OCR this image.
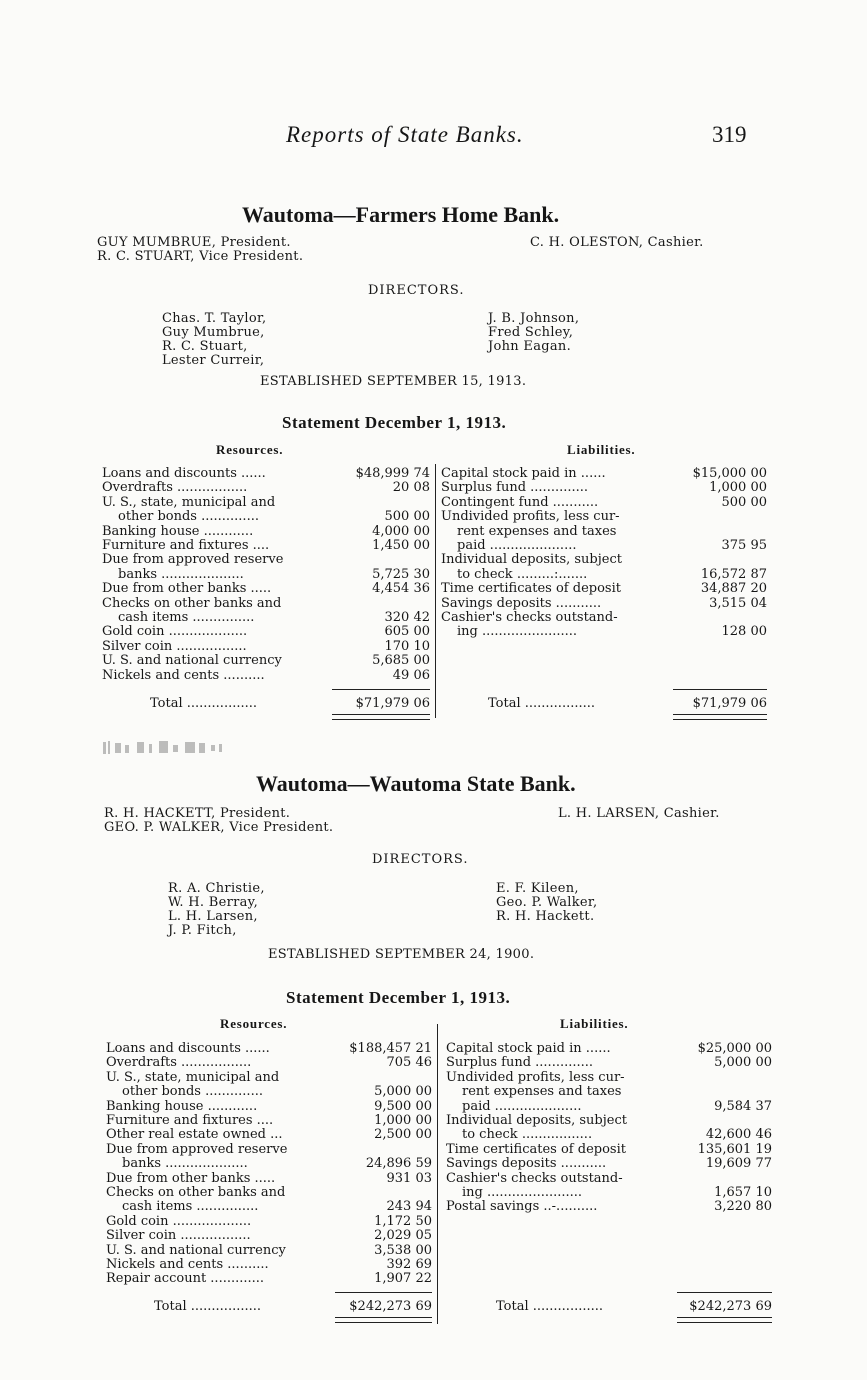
Reports of State Banks.	319
Wautoma—Farmers Home Bank.
GUY MUMBRUE, President.
R. C. STUART, Vice President.
C. H. OLESTON, Cashier.
DIRECTORS.
Chas. T. Taylor,
Guy Mumbrue,
R. C. Stuart,
Lester Curreir,
J. B. Johnson,
Fred Schley,
John Eagan.
ESTABLISHED SEPTEMBER 15, 1913.
Statement December 1, 1913.
Resources.	Liabilities.
Loans and discounts ......	$48,999 74
Overdrafts .................	20 08
U. S., state, municipal and
other bonds ..............	500 00
Banking house ............	4,000 00
Furniture and fixtures ....	1,450 00
Due from approved reserve
banks ....................	5,725 30
Due from other banks .....	4,454 36
Checks on other banks and
cash items ...............	320 42
Gold coin ...................	605 00
Silver coin .................	170 10
U. S. and national currency	5,685 00
Nickels and cents ..........	49 06
Capital stock paid in ......	$15,000 00
Surplus fund ..............	1,000 00
Contingent fund ...........	500 00
Undivided profits, less cur-
rent expenses and taxes
paid .....................	375 95
Individual deposits, subject
to check .........:.......	16,572 87
Time certificates of deposit	34,887 20
Savings deposits ...........	3,515 04
Cashier's checks outstand-
ing .......................	128 00
Total .................	$71,979 06	Total .................	$71,979 06
Wautoma—Wautoma State Bank.
R. H. HACKETT, President.
GEO. P. WALKER, Vice President.
L. H. LARSEN, Cashier.
DIRECTORS.
R. A. Christie,
W. H. Berray,
L. H. Larsen,
J. P. Fitch,
E. F. Kileen,
Geo. P. Walker,
R. H. Hackett.
ESTABLISHED SEPTEMBER 24, 1900.
Statement December 1, 1913.
Resources.	Liabilities.
Loans and discounts ......	$188,457 21
Overdrafts .................	705 46
U. S., state, municipal and
other bonds ..............	5,000 00
Banking house ............	9,500 00
Furniture and fixtures ....	1,000 00
Other real estate owned ...	2,500 00
Due from approved reserve
banks ....................	24,896 59
Due from other banks .....	931 03
Checks on other banks and
cash items ...............	243 94
Gold coin ...................	1,172 50
Silver coin .................	2,029 05
U. S. and national currency	3,538 00
Nickels and cents ..........	392 69
Repair account .............	1,907 22
Capital stock paid in ......	$25,000 00
Surplus fund ..............	5,000 00
Undivided profits, less cur-
rent expenses and taxes
paid .....................	9,584 37
Individual deposits, subject
to check .................	42,600 46
Time certificates of deposit	135,601 19
Savings deposits ...........	19,609 77
Cashier's checks outstand-
ing .......................	1,657 10
Postal savings ..-..........	3,220 80
Total .................	$242,273 69	Total .................	$242,273 69
